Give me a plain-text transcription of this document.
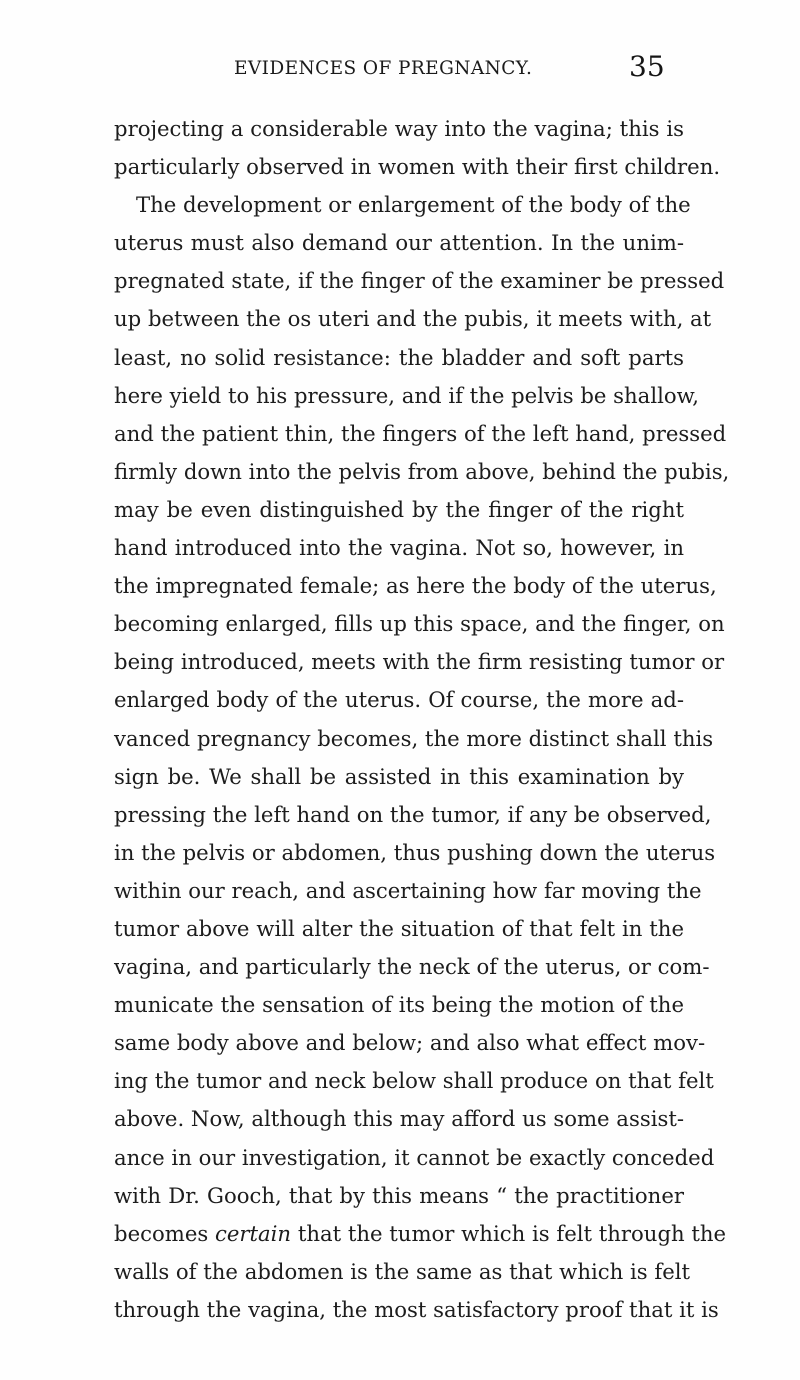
EVIDENCES OF PREGNANCY.	35
projecting a considerable way into the vagina; this is
particularly observed in women with their first children.
The development or enlargement of the body of the
uterus must also demand our attention. In the unim-
pregnated state, if the finger of the examiner be pressed
up between the os uteri and the pubis, it meets with, at
least, no solid resistance: the bladder and soft parts
here yield to his pressure, and if the pelvis be shallow,
and the patient thin, the fingers of the left hand, pressed
firmly down into the pelvis from above, behind the pubis,
may be even distinguished by the finger of the right
hand introduced into the vagina. Not so, however, in
the impregnated female; as here the body of the uterus,
becoming enlarged, fills up this space, and the finger, on
being introduced, meets with the firm resisting tumor or
enlarged body of the uterus. Of course, the more ad-
vanced pregnancy becomes, the more distinct shall this
sign be. We shall be assisted in this examination by
pressing the left hand on the tumor, if any be observed,
in the pelvis or abdomen, thus pushing down the uterus
within our reach, and ascertaining how far moving the
tumor above will alter the situation of that felt in the
vagina, and particularly the neck of the uterus, or com-
municate the sensation of its being the motion of the
same body above and below; and also what effect mov-
ing the tumor and neck below shall produce on that felt
above. Now, although this may afford us some assist-
ance in our investigation, it cannot be exactly conceded
with Dr. Gooch, that by this means “ the practitioner
becomes certain that the tumor which is felt through the
walls of the abdomen is the same as that which is felt
through the vagina, the most satisfactory proof that it is
